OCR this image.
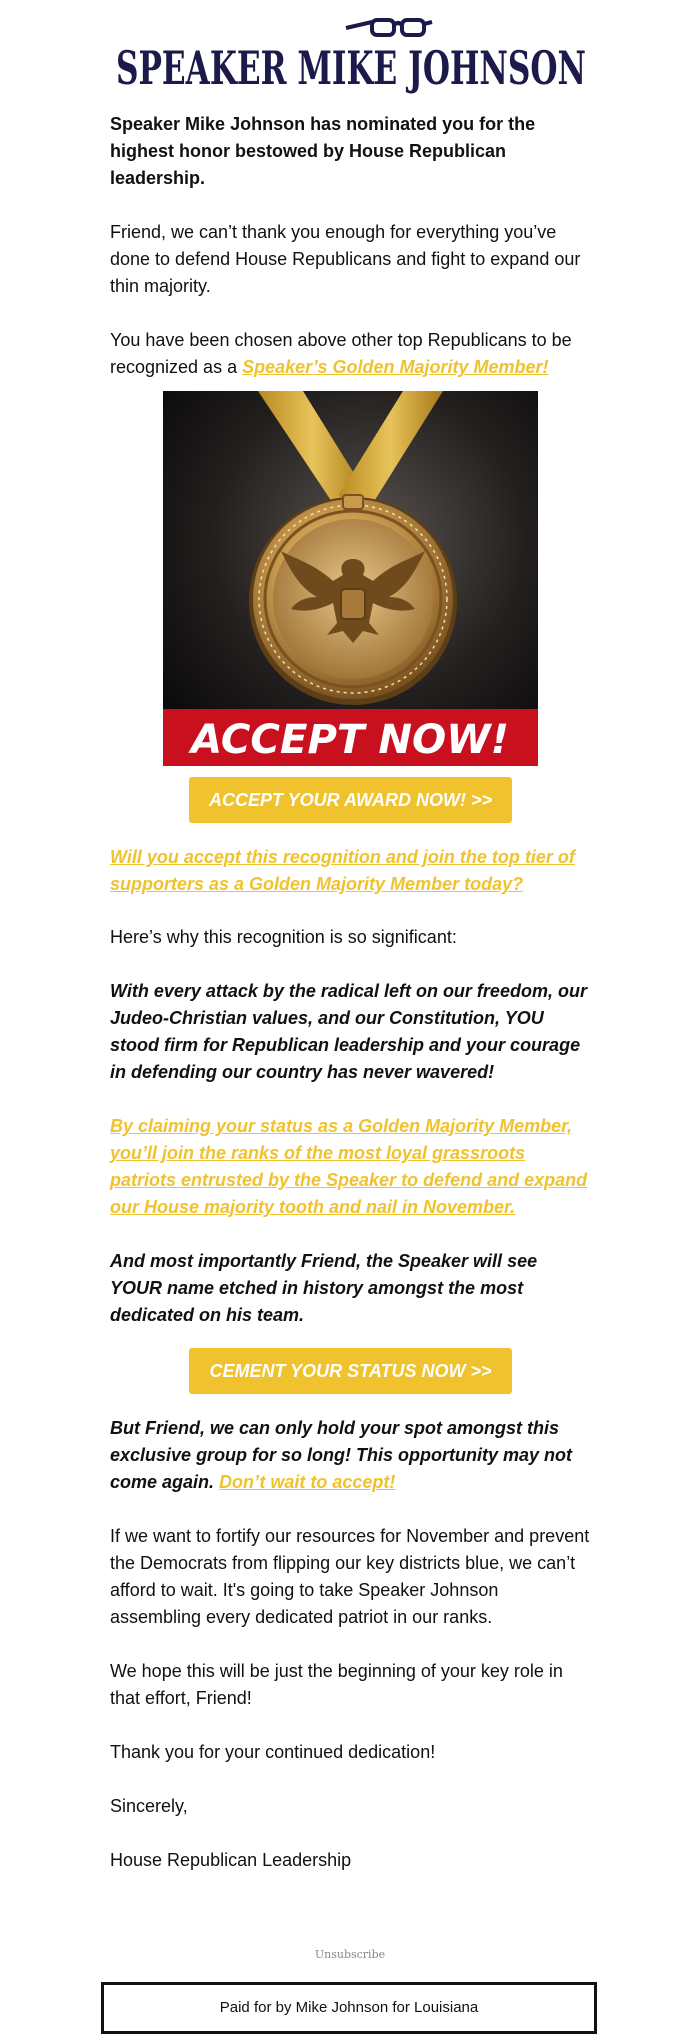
SPEAKER MIKE JOHNSON

Speaker Mike Johnson has nominated you for the highest honor bestowed by House Republican leadership.

Friend, we can’t thank you enough for everything you’ve done to defend House Republicans and fight to expand our thin majority.

You have been chosen above other top Republicans to be recognized as a Speaker’s Golden Majority Member!

ACCEPT NOW!
ACCEPT YOUR AWARD NOW! >>

Will you accept this recognition and join the top tier of supporters as a Golden Majority Member today?

Here’s why this recognition is so significant:

With every attack by the radical left on our freedom, our Judeo-Christian values, and our Constitution, YOU stood firm for Republican leadership and your courage in defending our country has never wavered!

By claiming your status as a Golden Majority Member, you’ll join the ranks of the most loyal grassroots patriots entrusted by the Speaker to defend and expand our House majority tooth and nail in November.

And most importantly Friend, the Speaker will see YOUR name etched in history amongst the most dedicated on his team.

CEMENT YOUR STATUS NOW >>

But Friend, we can only hold your spot amongst this exclusive group for so long! This opportunity may not come again. Don’t wait to accept!

If we want to fortify our resources for November and prevent the Democrats from flipping our key districts blue, we can’t afford to wait. It's going to take Speaker Johnson assembling every dedicated patriot in our ranks.

We hope this will be just the beginning of your key role in that effort, Friend!

Thank you for your continued dedication!

Sincerely,

House Republican Leadership

Unsubscribe
Paid for by Mike Johnson for Louisiana
